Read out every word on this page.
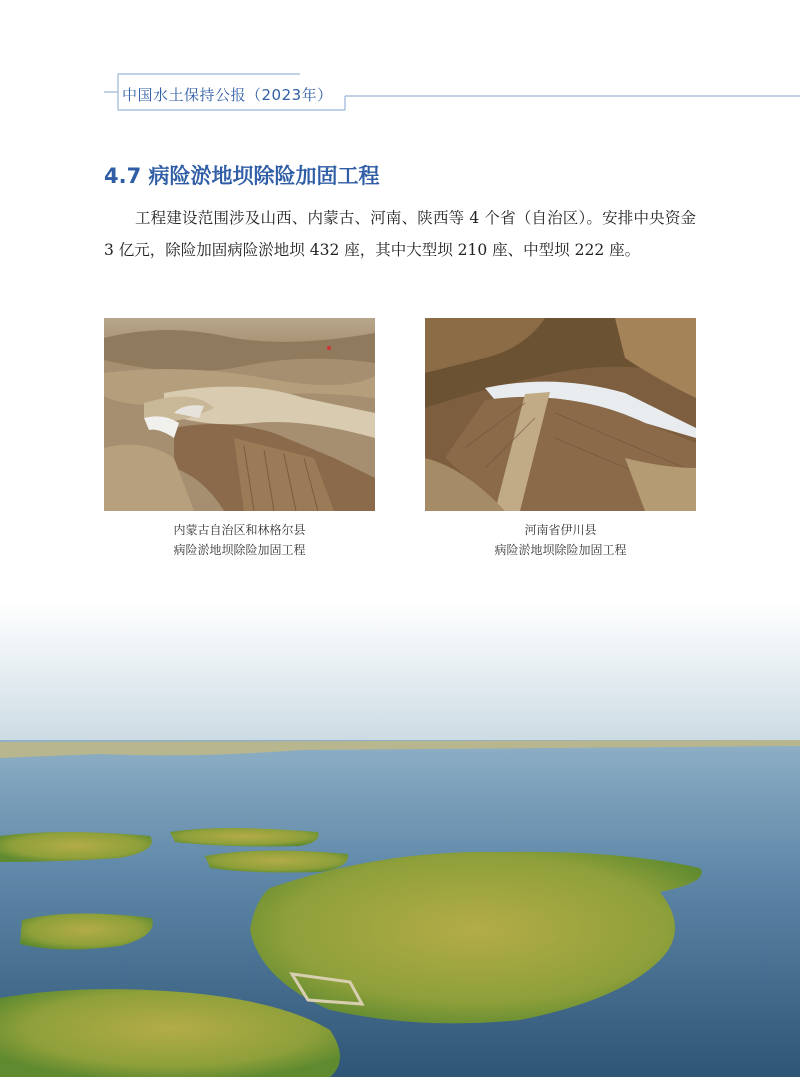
中国水土保持公报（2023年）
4.7 病险淤地坝除险加固工程
工程建设范围涉及山西、内蒙古、河南、陕西等 4 个省（自治区）。安排中央资金 3 亿元，除险加固病险淤地坝 432 座，其中大型坝 210 座、中型坝 222 座。
内蒙古自治区和林格尔县
病险淤地坝除险加固工程
河南省伊川县
病险淤地坝除险加固工程
